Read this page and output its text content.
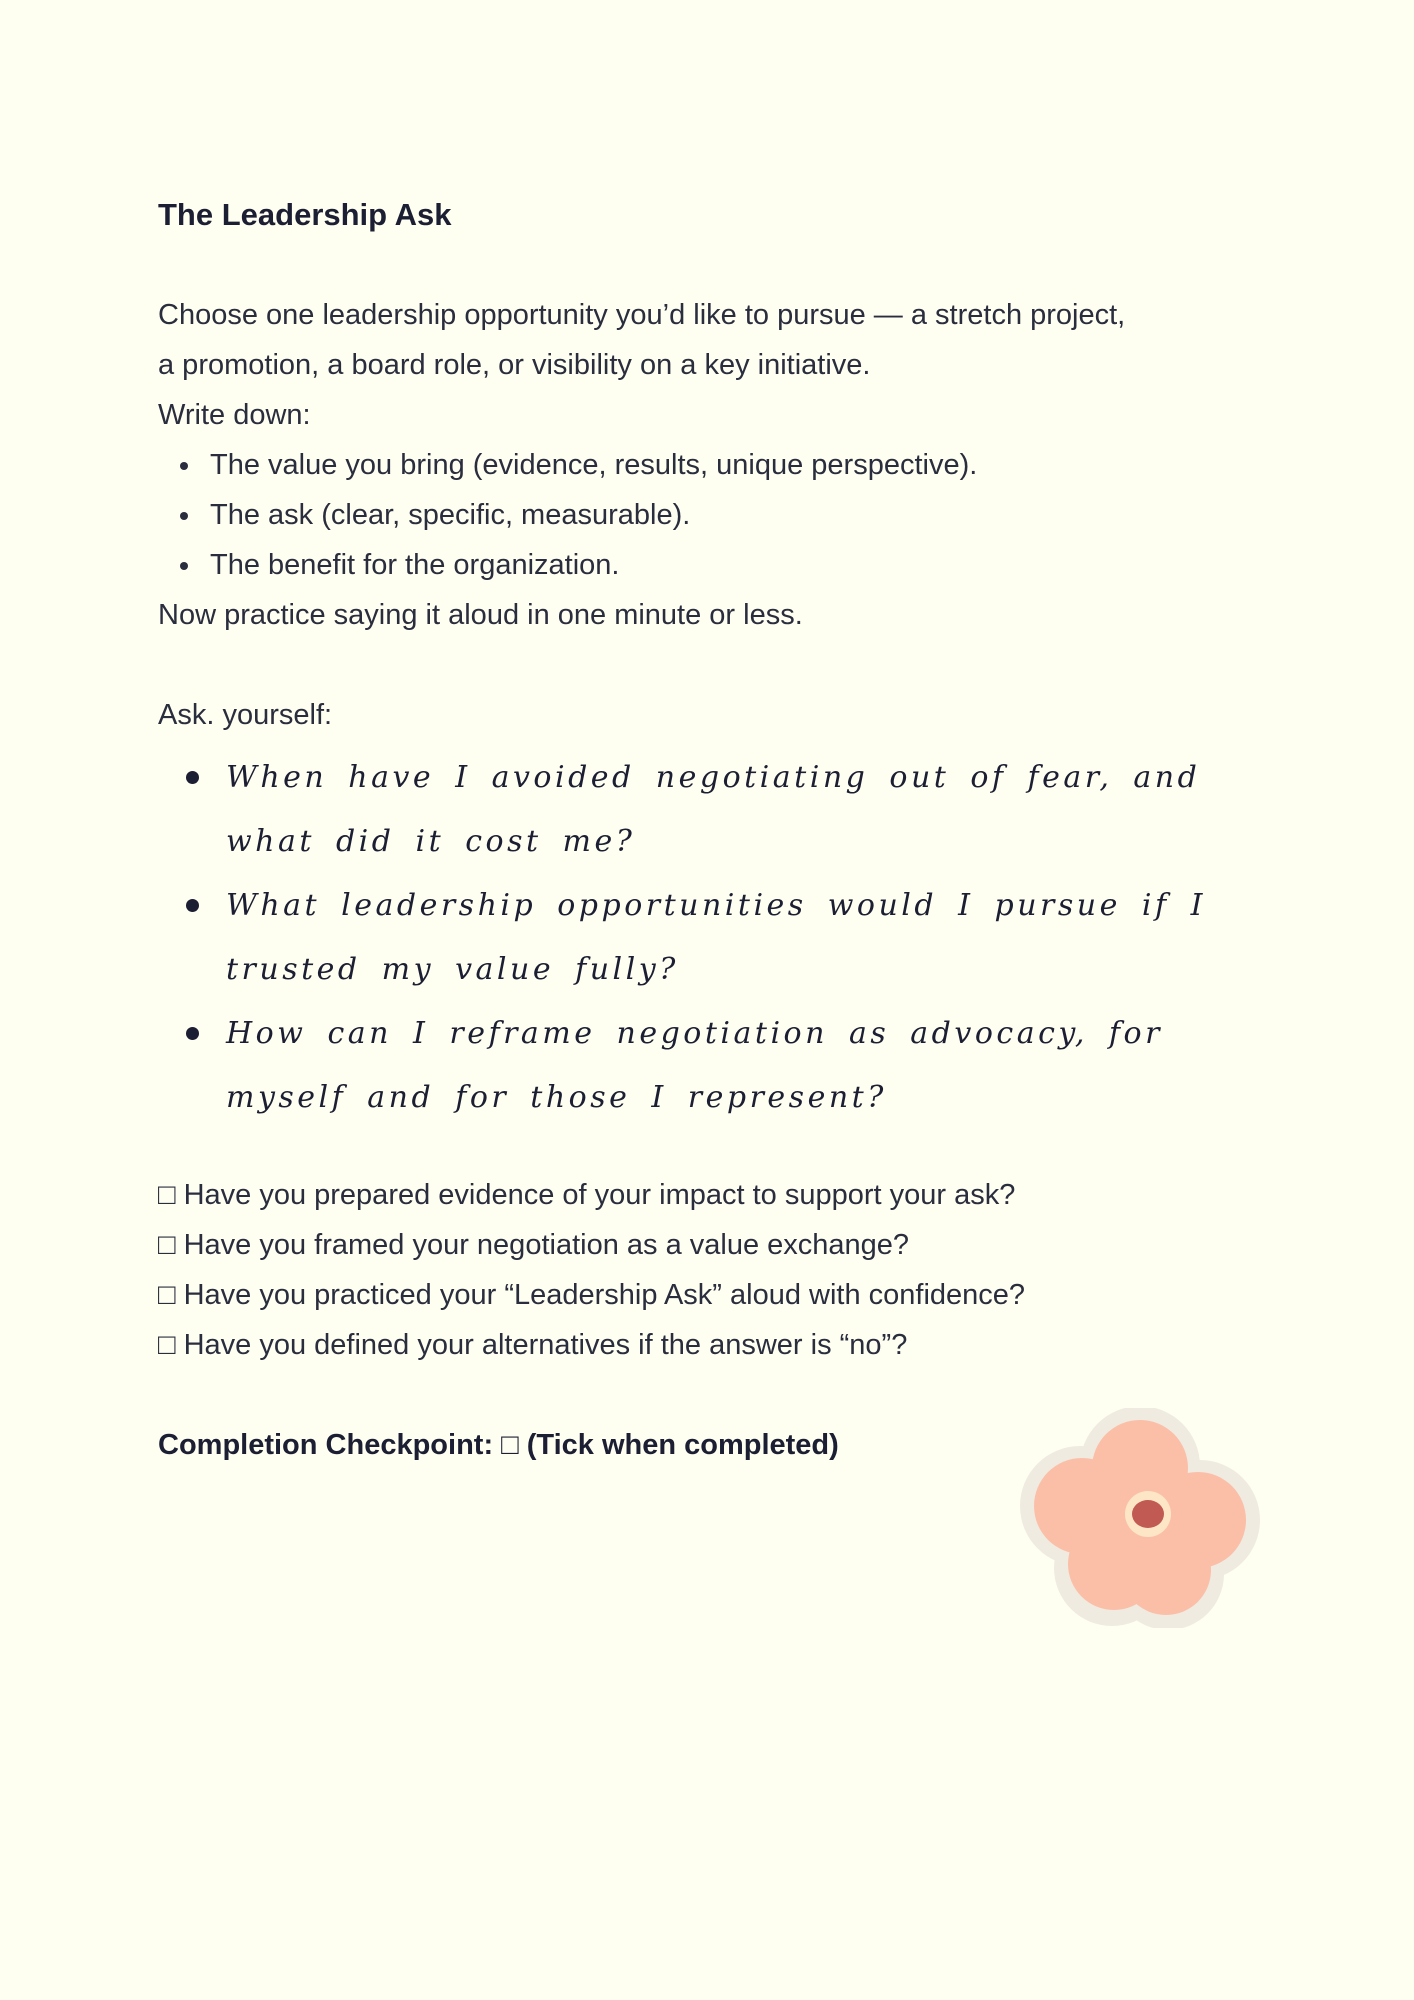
The Leadership Ask

Choose one leadership opportunity you’d like to pursue — a stretch project,

a promotion, a board role, or visibility on a key initiative.

Write down:

The value you bring (evidence, results, unique perspective).
The ask (clear, specific, measurable).
The benefit for the organization.

Now practice saying it aloud in one minute or less.

Ask. yourself:

When have I avoided negotiating out of fear, and what did it cost me?
What leadership opportunities would I pursue if I trusted my value fully?
How can I reframe negotiation as advocacy, for myself and for those I represent?

□ Have you prepared evidence of your impact to support your ask?

□ Have you framed your negotiation as a value exchange?

□ Have you practiced your “Leadership Ask” aloud with confidence?

□ Have you defined your alternatives if the answer is “no”?

Completion Checkpoint: □ (Tick when completed)
